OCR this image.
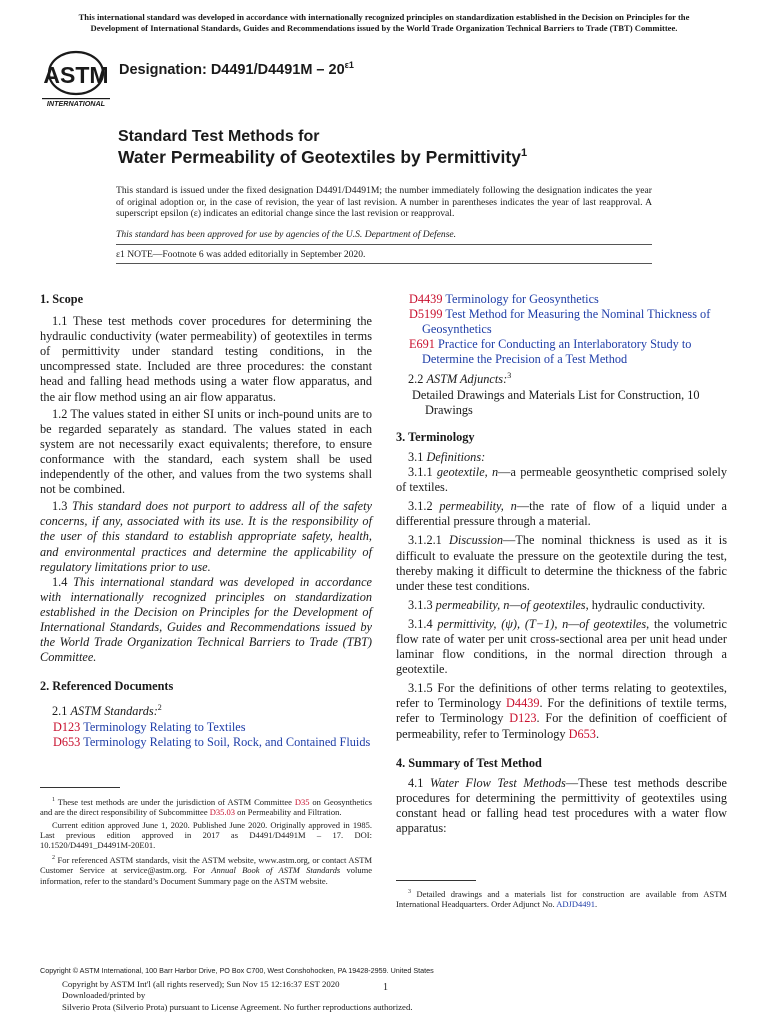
This international standard was developed in accordance with internationally recognized principles on standardization established in the Decision on Principles for the
Development of International Standards, Guides and Recommendations issued by the World Trade Organization Technical Barriers to Trade (TBT) Committee.
ASTM
INTERNATIONAL
Designation: $D4491/D4491M - 20^{\varepsilon 1}$
Standard Test Methods for
Water Permeability of Geotextiles by Permittivity$^1$
This standard is issued under the fixed designation D4491/D4491M; the number immediately following the designation indicates the year of original adoption or, in the case of revision, the year of last revision. A number in parentheses indicates the year of last reapproval. A superscript epsilon (ε) indicates an editorial change since the last revision or reapproval.
This standard has been approved for use by agencies of the U.S. Department of Defense.
ε1 NOTE—Footnote 6 was added editorially in September 2020.
1. Scope

1.1 These test methods cover procedures for determining the hydraulic conductivity (water permeability) of geotextiles in terms of permittivity under standard testing conditions, in the uncompressed state. Included are three procedures: the constant head and falling head methods using a water flow apparatus, and the air flow method using an air flow apparatus.

1.2 The values stated in either SI units or inch-pound units are to be regarded separately as standard. The values stated in each system are not necessarily exact equivalents; therefore, to ensure conformance with the standard, each system shall be used independently of the other, and values from the two systems shall not be combined.

1.3 This standard does not purport to address all of the safety concerns, if any, associated with its use. It is the responsibility of the user of this standard to establish appropriate safety, health, and environmental practices and determine the applicability of regulatory limitations prior to use.

1.4 This international standard was developed in accordance with internationally recognized principles on standardization established in the Decision on Principles for the Development of International Standards, Guides and Recommendations issued by the World Trade Organization Technical Barriers to Trade (TBT) Committee.

2. Referenced Documents

2.1 ASTM Standards:$^2$

D123 Terminology Relating to Textiles

D653 Terminology Relating to Soil, Rock, and Contained Fluids

$^1$ These test methods are under the jurisdiction of ASTM Committee D35 on Geosynthetics and are the direct responsibility of Subcommittee D35.03 on Permeability and Filtration.
Current edition approved June 1, 2020. Published June 2020. Originally approved in 1985. Last previous edition approved in 2017 as D4491/D4491M – 17. DOI: 10.1520/D4491_D4491M-20E01.
$^2$ For referenced ASTM standards, visit the ASTM website, www.astm.org, or contact ASTM Customer Service at service@astm.org. For Annual Book of ASTM Standards volume information, refer to the standard’s Document Summary page on the ASTM website.

D4439 Terminology for Geosynthetics

D5199 Test Method for Measuring the Nominal Thickness of Geosynthetics

E691 Practice for Conducting an Interlaboratory Study to Determine the Precision of a Test Method

2.2 ASTM Adjuncts:$^3$

Detailed Drawings and Materials List for Construction, 10 Drawings

3. Terminology

3.1 Definitions:

3.1.1 geotextile, n—a permeable geosynthetic comprised solely of textiles.

3.1.2 permeability, n—the rate of flow of a liquid under a differential pressure through a material.

3.1.2.1 Discussion—The nominal thickness is used as it is difficult to evaluate the pressure on the geotextile during the test, thereby making it difficult to determine the thickness of the fabric under these test conditions.

3.1.3 permeability, n—of geotextiles, hydraulic conductivity.

3.1.4 permittivity, (ψ), (T−1), n—of geotextiles, the volumetric flow rate of water per unit cross-sectional area per unit head under laminar flow conditions, in the normal direction through a geotextile.

3.1.5 For the definitions of other terms relating to geotextiles, refer to Terminology D4439. For the definitions of textile terms, refer to Terminology D123. For the definition of coefficient of permeability, refer to Terminology D653.

4. Summary of Test Method

4.1 Water Flow Test Methods—These test methods describe procedures for determining the permittivity of geotextiles using constant head or falling head test procedures with a water flow apparatus:

$^3$ Detailed drawings and a materials list for construction are available from ASTM International Headquarters. Order Adjunct No. ADJD4491.
Copyright © ASTM International, 100 Barr Harbor Drive, PO Box C700, West Conshohocken, PA 19428-2959. United States
Copyright by ASTM Int'l (all rights reserved); Sun Nov 15 12:16:37 EST 2020
Downloaded/printed by
Silverio Prota (Silverio Prota) pursuant to License Agreement. No further reproductions authorized.
1
